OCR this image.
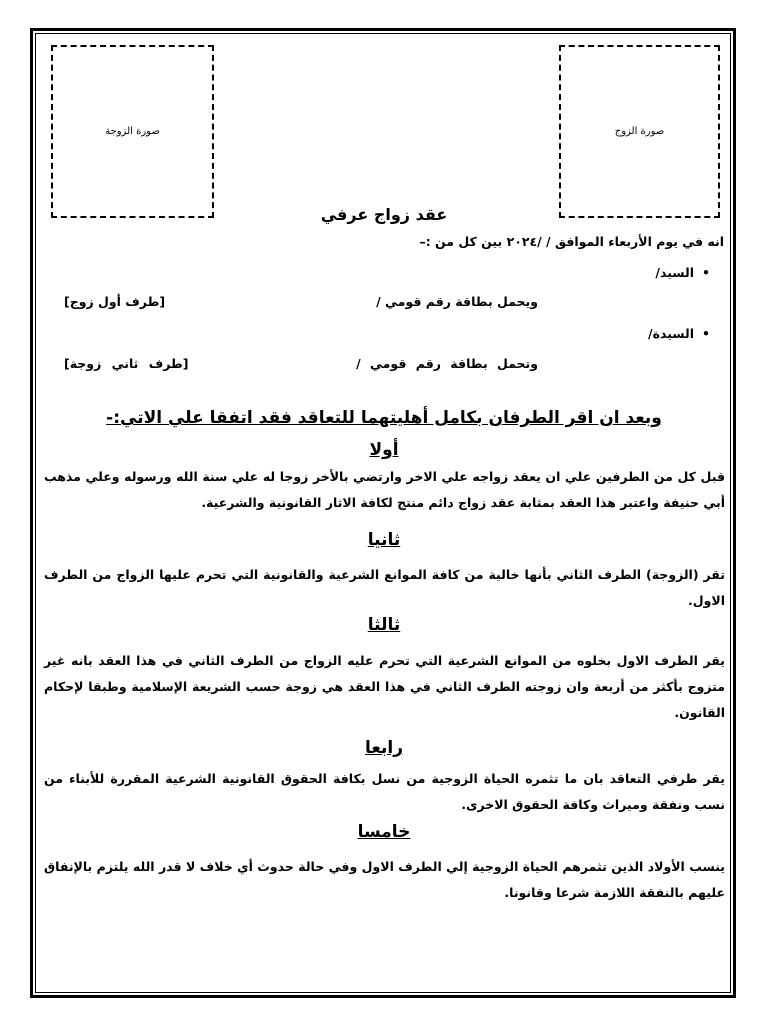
صورة الزوجة	صورة الزوج
عقد زواج عرفي
انه في يوم الأربعاء الموافق / /٢٠٢٤ بين كل من :–
• السيد/
ويحمل بطاقة رقم قومي /
[طرف أول زوج]
• السيدة/
وتحمل بطاقة رقم قومي /
[طرف ثاني زوجة]
وبعد ان اقر الطرفان بكامل أهليتهما للتعاقد فقد اتفقا علي الاتي:-
أولا
قبل كل من الطرفين علي ان يعقد زواجه علي الاخر وارتضي بالأخر زوجا له علي سنة الله ورسوله وعلي مذهب أبي حنيفة واعتبر هذا العقد بمثابة عقد زواج دائم منتج لكافة الاثار القانونية والشرعية.
ثانيا
تقر (الزوجة) الطرف الثاني بأنها خالية من كافة الموانع الشرعية والقانونية التي تحرم عليها الزواج من الطرف الاول.
ثالثا
يقر الطرف الاول بخلوه من الموانع الشرعية التي تحرم عليه الزواج من الطرف الثاني في هذا العقد بانه غير متزوج بأكثر من أربعة وان زوجته الطرف الثاني في هذا العقد هي زوجة حسب الشريعة الإسلامية وطبقا لإحكام القانون.
رابعا
يقر طرفي التعاقد بان ما تثمره الحياة الزوجية من نسل بكافة الحقوق القانونية الشرعية المقررة للأبناء من نسب ونفقة وميراث وكافة الحقوق الاخرى.
خامسا
ينسب الأولاد الذين تثمرهم الحياة الزوجية إلي الطرف الاول وفي حالة حدوث أي خلاف لا قدر الله يلتزم بالإنفاق عليهم بالنفقة اللازمة شرعا وقانونا.
